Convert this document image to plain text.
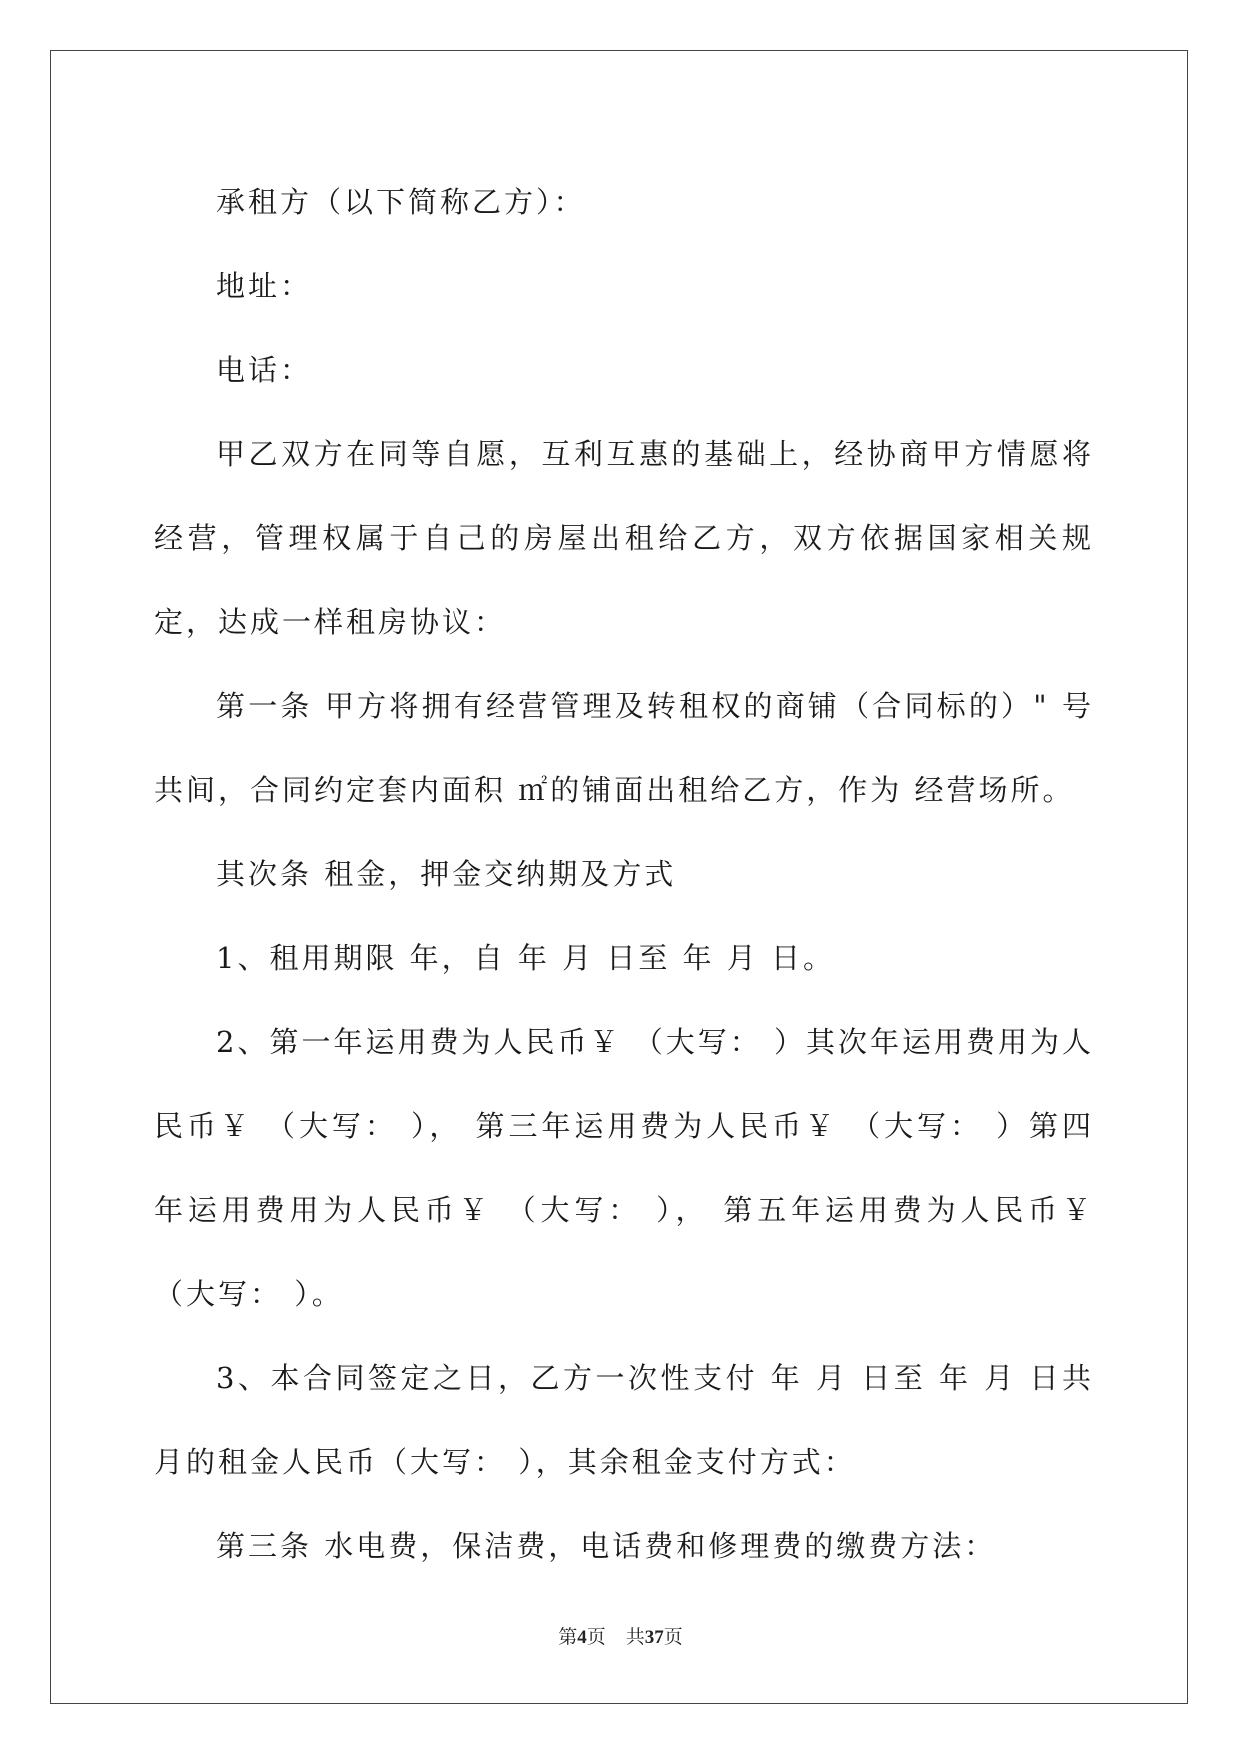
承租方（以下简称乙方）：

地址：

电话：

甲乙双方在同等自愿，互利互惠的基础上，经协商甲方情愿将经营，管理权属于自己的房屋出租给乙方，双方依据国家相关规定，达成一样租房协议：

第一条 甲方将拥有经营管理及转租权的商铺（合同标的）" 号共间，合同约定套内面积 ㎡的铺面出租给乙方，作为 经营场所。

其次条 租金，押金交纳期及方式

1、租用期限 年，自 年 月 日至 年 月 日。

2、第一年运用费为人民币￥ （大写： ）其次年运用费用为人民币￥ （大写： ）， 第三年运用费为人民币￥ （大写： ）第四年运用费用为人民币￥ （大写： ）， 第五年运用费为人民币￥ （大写： ）。

3、本合同签定之日，乙方一次性支付 年 月 日至 年 月 日共月的租金人民币（大写： ），其余租金支付方式：

第三条 水电费，保洁费，电话费和修理费的缴费方法：

第4页 共37页
